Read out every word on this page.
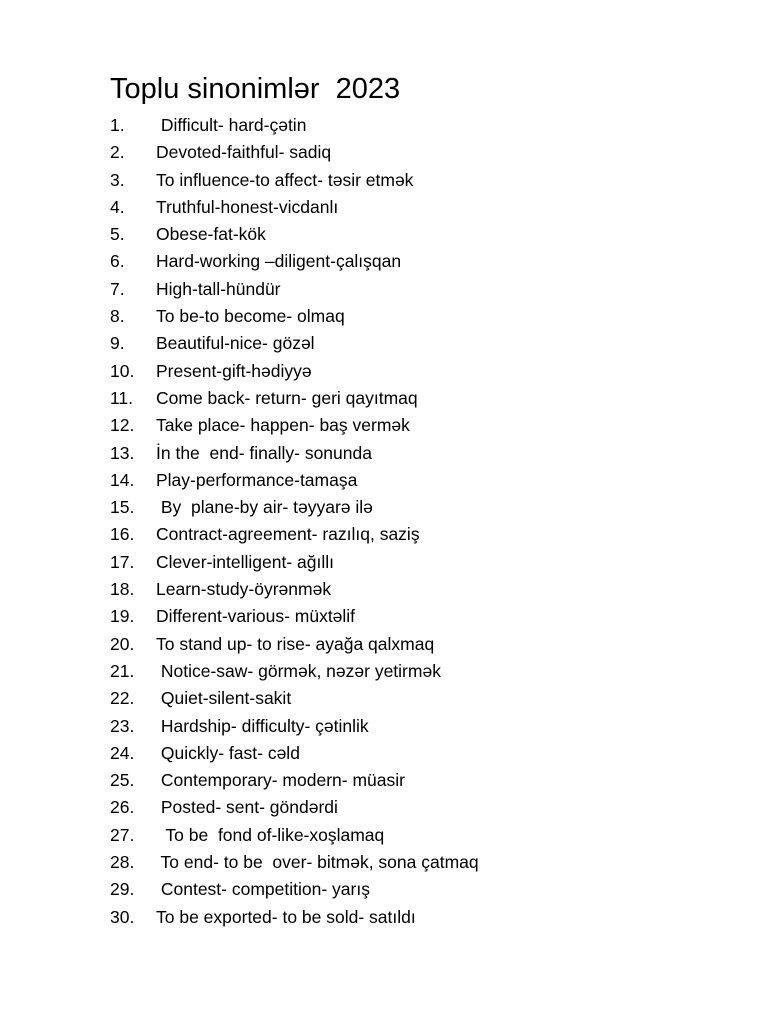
Toplu sinonimlər  2023
1. Difficult- hard-çətin
2. Devoted-faithful- sadiq
3. To influence-to affect- təsir etmək
4. Truthful-honest-vicdanlı
5. Obese-fat-kök
6. Hard-working –diligent-çalışqan
7. High-tall-hündür
8. To be-to become- olmaq
9. Beautiful-nice- gözəl
10. Present-gift-hədiyyə
11. Come back- return- geri qayıtmaq
12. Take place- happen- baş vermək
13. İn the  end- finally- sonunda
14. Play-performance-tamaşa
15. By  plane-by air- təyyarə ilə
16. Contract-agreement- razılıq, saziş
17. Clever-intelligent- ağıllı
18. Learn-study-öyrənmək
19. Different-various- müxtəlif
20. To stand up- to rise- ayağa qalxmaq
21. Notice-saw- görmək, nəzər yetirmək
22. Quiet-silent-sakit
23. Hardship- difficulty- çətinlik
24. Quickly- fast- cəld
25. Contemporary- modern- müasir
26. Posted- sent- göndərdi
27. To be  fond of-like-xoşlamaq
28. To end- to be  over- bitmək, sona çatmaq
29. Contest- competition- yarış
30. To be exported- to be sold- satıldı
